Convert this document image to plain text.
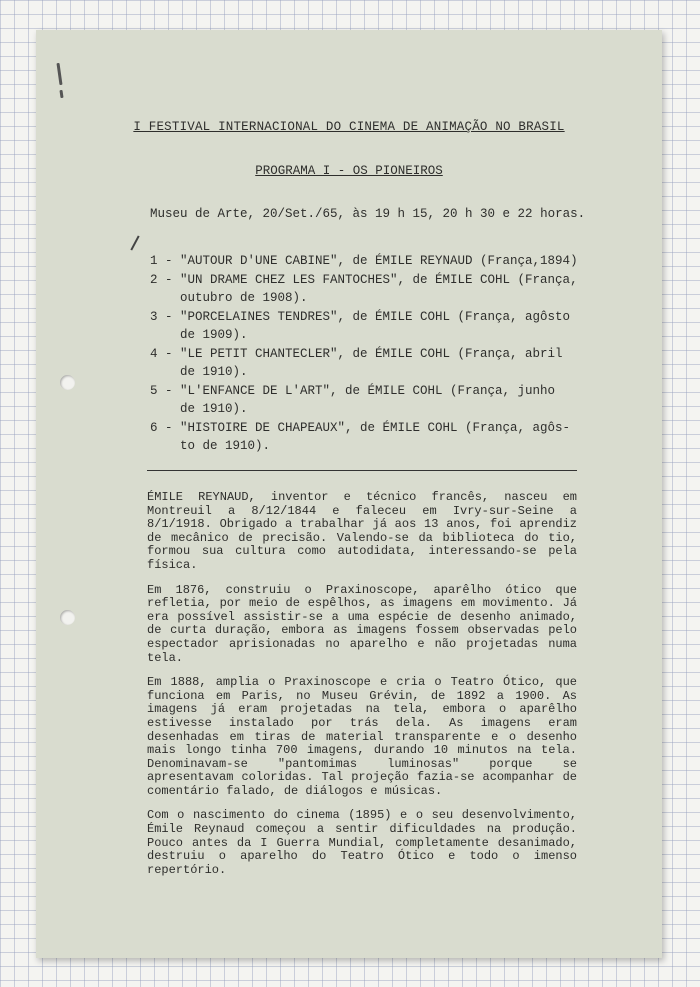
I FESTIVAL INTERNACIONAL DO CINEMA DE ANIMAÇÃO NO BRASIL
PROGRAMA I - OS PIONEIROS
Museu de Arte, 20/Set./65, às 19 h 15, 20 h 30 e 22 horas.
1 - "AUTOUR D'UNE CABINE", de ÉMILE REYNAUD (França,1894)
2 - "UN DRAME CHEZ LES FANTOCHES", de ÉMILE COHL (França,
outubro de 1908).
3 - "PORCELAINES TENDRES", de ÉMILE COHL (França, agôsto
de 1909).
4 - "LE PETIT CHANTECLER", de ÉMILE COHL (França, abril
de 1910).
5 - "L'ENFANCE DE L'ART", de ÉMILE COHL (França, junho
de 1910).
6 - "HISTOIRE DE CHAPEAUX", de ÉMILE COHL (França, agôs-
to de 1910).

ÉMILE REYNAUD, inventor e técnico francês, nasceu em Montreuil a 8/12/1844 e faleceu em Ivry-sur-Seine a 8/1/1918. Obrigado a trabalhar já aos 13 anos, foi aprendiz de mecânico de precisão. Valendo-se da biblioteca do tio, formou sua cultura como autodidata, interessando-se pela física.

Em 1876, construiu o Praxinoscope, aparêlho ótico que refletia, por meio de espêlhos, as imagens em movimento. Já era possível assistir-se a uma espécie de desenho animado, de curta duração, embora as imagens fossem observadas pelo espectador aprisionadas no aparelho e não projetadas numa tela.

Em 1888, amplia o Praxinoscope e cria o Teatro Ótico, que funciona em Paris, no Museu Grévin, de 1892 a 1900. As imagens já eram projetadas na tela, embora o aparêlho estivesse instalado por trás dela. As imagens eram desenhadas em tiras de material transparente e o desenho mais longo tinha 700 imagens, durando 10 minutos na tela. Denominavam-se "pantomimas luminosas" porque se apresentavam coloridas. Tal projeção fazia-se acompanhar de comentário falado, de diálogos e músicas.

Com o nascimento do cinema (1895) e o seu desenvolvimento, Émile Reynaud começou a sentir dificuldades na produção. Pouco antes da I Guerra Mundial, completamente desanimado, destruiu o aparelho do Teatro Ótico e todo o imenso repertório.
